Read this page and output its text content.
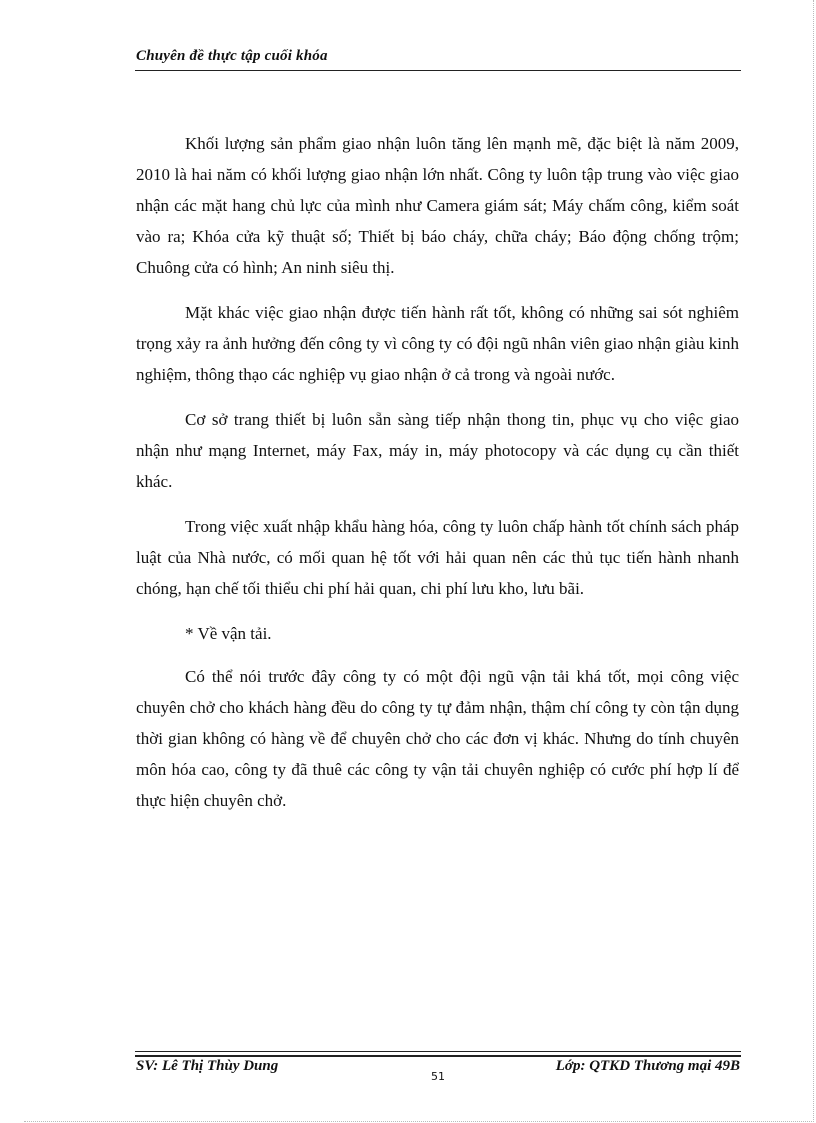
Chuyên đề thực tập cuối khóa

Khối lượng sản phẩm giao nhận luôn tăng lên mạnh mẽ, đặc biệt là năm 2009, 2010 là hai năm có khối lượng giao nhận lớn nhất. Công ty luôn tập trung vào việc giao nhận các mặt hang chủ lực của mình như Camera giám sát; Máy chấm công, kiểm soát vào ra; Khóa cửa kỹ thuật số; Thiết bị báo cháy, chữa cháy; Báo động chống trộm; Chuông cửa có hình; An ninh siêu thị.

Mặt khác việc giao nhận được tiến hành rất tốt, không có những sai sót nghiêm trọng xảy ra ảnh hưởng đến công ty vì công ty có đội ngũ nhân viên giao nhận giàu kinh nghiệm, thông thạo các nghiệp vụ giao nhận ở cả trong và ngoài nước.

Cơ sở trang thiết bị luôn sẵn sàng tiếp nhận thong tin, phục vụ cho việc giao nhận như mạng Internet, máy Fax, máy in, máy photocopy và các dụng cụ cần thiết khác.

Trong việc xuất nhập khẩu hàng hóa, công ty luôn chấp hành tốt chính sách pháp luật của Nhà nước, có mối quan hệ tốt với hải quan nên các thủ tục tiến hành nhanh chóng, hạn chế tối thiểu chi phí hải quan, chi phí lưu kho, lưu bãi.

* Về vận tải.

Có thể nói trước đây công ty có một đội ngũ vận tải khá tốt, mọi công việc chuyên chở cho khách hàng đều do công ty tự đảm nhận, thậm chí công ty còn tận dụng thời gian không có hàng về để chuyên chở cho các đơn vị khác. Nhưng do tính chuyên môn hóa cao, công ty đã thuê các công ty vận tải chuyên nghiệp có cước phí hợp lí để thực hiện chuyên chở.

SV: Lê Thị Thùy Dung	Lớp: QTKD Thương mại 49B
51
